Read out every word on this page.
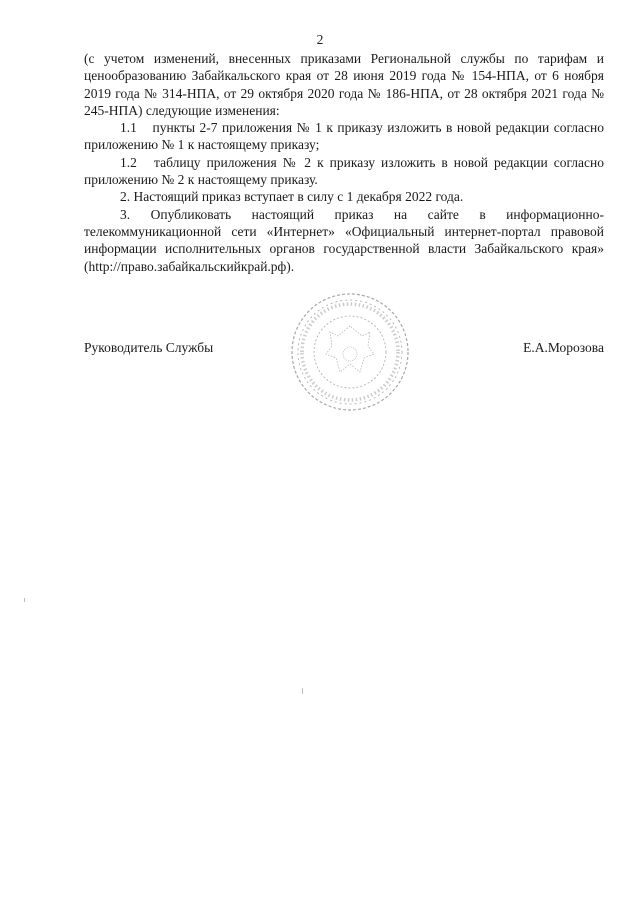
2

(с учетом изменений, внесенных приказами Региональной службы по тарифам и ценообразованию Забайкальского края от 28 июня 2019 года № 154-НПА, от 6 ноября 2019 года № 314-НПА, от 29 октября 2020 года № 186-НПА, от 28 октября 2021 года № 245-НПА) следующие изменения:

1.1 пункты 2-7 приложения № 1 к приказу изложить в новой редакции согласно приложению № 1 к настоящему приказу;

1.2 таблицу приложения № 2 к приказу изложить в новой редакции согласно приложению № 2 к настоящему приказу.

2. Настоящий приказ вступает в силу с 1 декабря 2022 года.

3. Опубликовать настоящий приказ на сайте в информационно-телекоммуникационной сети «Интернет» «Официальный интернет-портал правовой информации исполнительных органов государственной власти Забайкальского края» (http://право.забайкальскийкрай.рф).

Руководитель Службы	Е.А.Морозова
